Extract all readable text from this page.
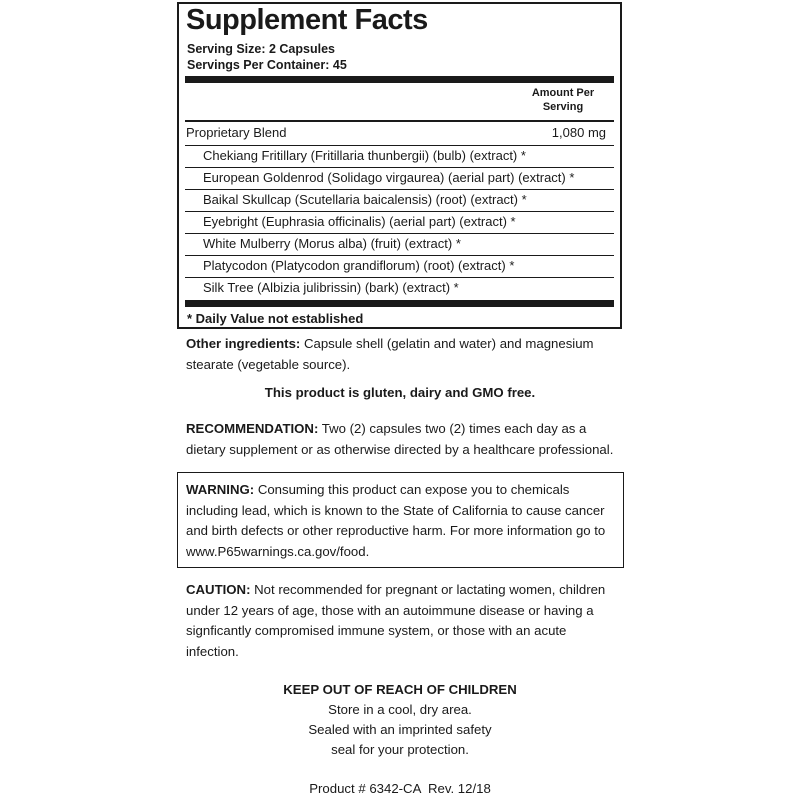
Supplement Facts
Serving Size: 2 Capsules
Servings Per Container: 45
Amount Per
Serving
Proprietary Blend	1,080 mg
Chekiang Fritillary (Fritillaria thunbergii) (bulb) (extract) *
European Goldenrod (Solidago virgaurea) (aerial part) (extract) *
Baikal Skullcap (Scutellaria baicalensis) (root) (extract) *
Eyebright (Euphrasia officinalis) (aerial part) (extract) *
White Mulberry (Morus alba) (fruit) (extract) *
Platycodon (Platycodon grandiflorum) (root) (extract) *
Silk Tree (Albizia julibrissin) (bark) (extract) *
* Daily Value not established
Other ingredients: Capsule shell (gelatin and water) and magnesium
stearate (vegetable source).
This product is gluten, dairy and GMO free.
RECOMMENDATION: Two (2) capsules two (2) times each day as a
dietary supplement or as otherwise directed by a healthcare professional.
WARNING: Consuming this product can expose you to chemicals
including lead, which is known to the State of California to cause cancer
and birth defects or other reproductive harm. For more information go to
www.P65warnings.ca.gov/food.
CAUTION: Not recommended for pregnant or lactating women, children
under 12 years of age, those with an autoimmune disease or having a
signficantly compromised immune system, or those with an acute
infection.
KEEP OUT OF REACH OF CHILDREN
Store in a cool, dry area.
Sealed with an imprinted safety
seal for your protection.
Product # 6342-CA  Rev. 12/18
